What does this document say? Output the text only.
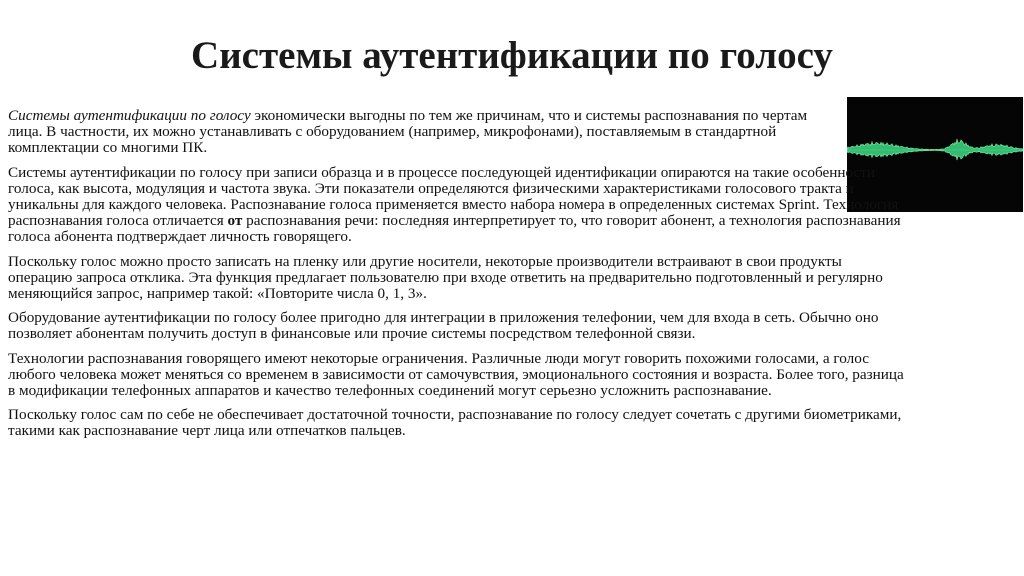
Системы аутентификации по голосу

Системы аутентификации по голосу экономически выгодны по тем же причинам, что и системы распознавания по чертам лица. В частности, их можно устанавливать с оборудованием (например, микрофонами), поставляемым в стандартной комплектации со многими ПК.

Системы аутентификации по голосу при записи образца и в процессе последующей идентификации опираются на такие особенности голоса, как высота, модуляция и частота звука. Эти показатели определяются физическими характеристиками голосового тракта и уникальны для каждого человека. Распознавание голоса применяется вместо набора номера в определенных системах Sprint. Технология распознавания голоса отличается от распознавания речи: последняя интерпретирует то, что говорит абонент, а технология распознавания голоса абонента подтверждает личность говорящего.

Поскольку голос можно просто записать на пленку или другие носители, некоторые производители встраивают в свои продукты операцию запроса отклика. Эта функция предлагает пользователю при входе ответить на предварительно подготовленный и регулярно меняющийся запрос, например такой: «Повторите числа 0, 1, 3».

Оборудование аутентификации по голосу более пригодно для интеграции в приложения телефонии, чем для входа в сеть. Обычно оно позволяет абонентам получить доступ в финансовые или прочие системы посредством телефонной связи.

Технологии распознавания говорящего имеют некоторые ограничения. Различные люди могут говорить похожими голосами, а голос любого человека может меняться со временем в зависимости от самочувствия, эмоционального состояния и возраста. Более того, разница в модификации телефонных аппаратов и качество телефонных соединений могут серьезно усложнить распознавание.

Поскольку голос сам по себе не обеспечивает достаточной точности, распознавание по голосу следует сочетать с другими биометриками, такими как распознавание черт лица или отпечатков пальцев.
